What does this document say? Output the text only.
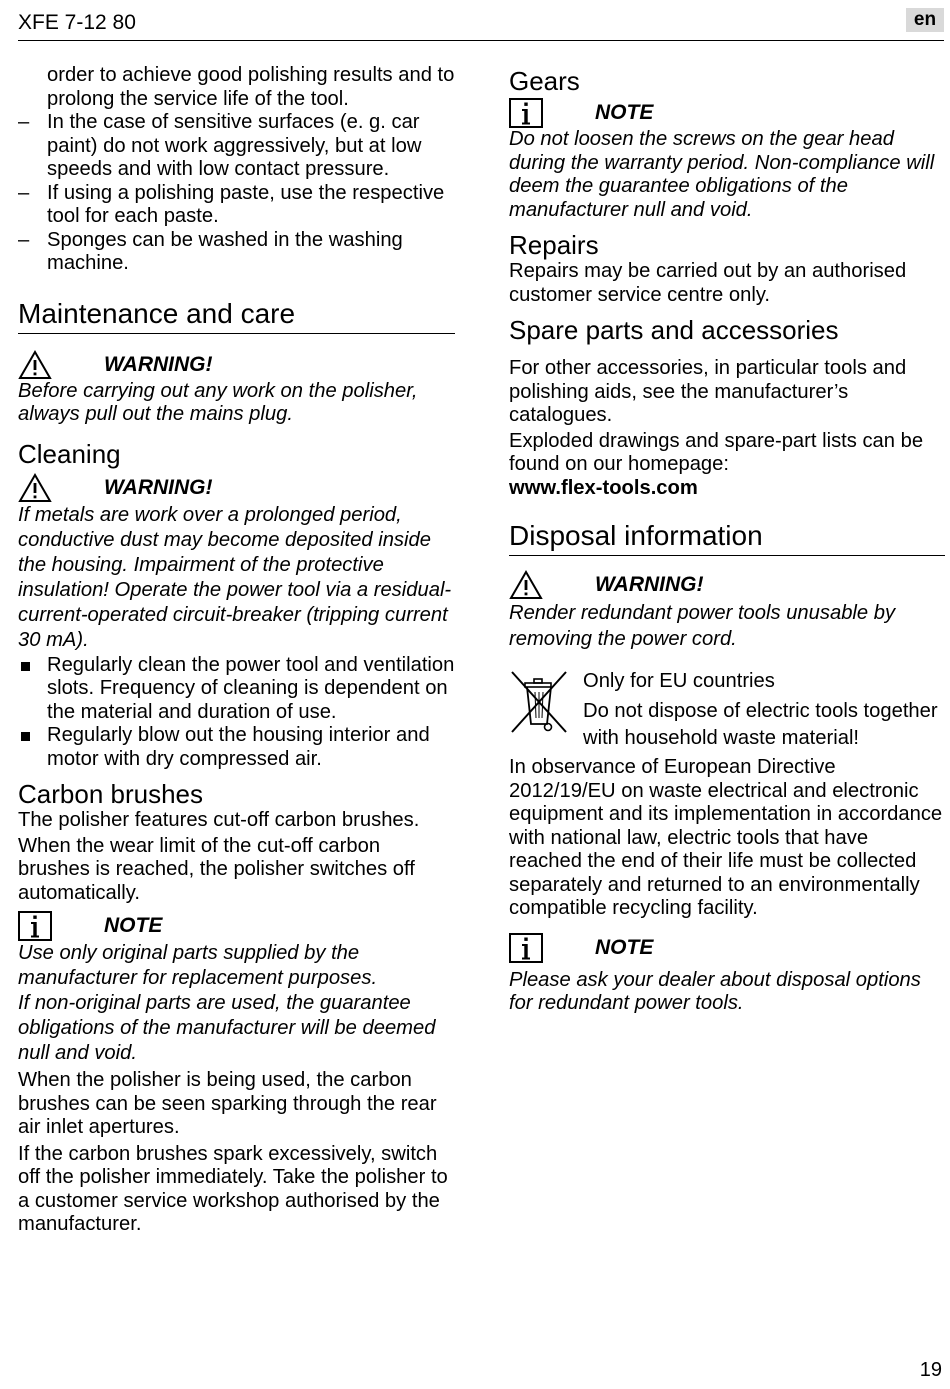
XFE 7-12 80	en

order to achieve good polishing results and to prolong the service life of the tool.

– In the case of sensitive surfaces (e. g. car paint) do not work aggressively, but at low speeds and with low contact pressure.
– If using a polishing paste, use the respective tool for each paste.
– Sponges can be washed in the washing machine.
Maintenance and care
WARNING!

Before carrying out any work on the polisher, always pull out the mains plug.

Cleaning
WARNING!

If metals are work over a prolonged period, conductive dust may become deposited inside the housing. Impairment of the protective insulation! Operate the power tool via a residual-current-operated circuit-breaker (tripping current 30 mA).

Regularly clean the power tool and ventilation slots. Frequency of cleaning is dependent on the material and duration of use.
Regularly blow out the housing interior and motor with dry compressed air.
Carbon brushes

The polisher features cut-off carbon brushes.

When the wear limit of the cut-off carbon brushes is reached, the polisher switches off automatically.

NOTE

Use only original parts supplied by the manufacturer for replacement purposes.

If non-original parts are used, the guarantee obligations of the manufacturer will be deemed null and void.

When the polisher is being used, the carbon brushes can be seen sparking through the rear air inlet apertures.

If the carbon brushes spark excessively, switch off the polisher immediately. Take the polisher to a customer service workshop authorised by the manufacturer.

Gears
NOTE

Do not loosen the screws on the gear head during the warranty period. Non-compliance will deem the guarantee obligations of the manufacturer null and void.

Repairs

Repairs may be carried out by an authorised customer service centre only.

Spare parts and accessories

For other accessories, in particular tools and polishing aids, see the manufacturer’s catalogues.

Exploded drawings and spare-part lists can be found on our homepage:

www.flex-tools.com

Disposal information
WARNING!

Render redundant power tools unusable by removing the power cord.

Only for EU countries

Do not dispose of electric tools together with household waste material!

In observance of European Directive 2012/19/EU on waste electrical and electronic equipment and its implementation in accordance with national law, electric tools that have reached the end of their life must be collected separately and returned to an environmentally compatible recycling facility.

NOTE

Please ask your dealer about disposal options for redundant power tools.

19
